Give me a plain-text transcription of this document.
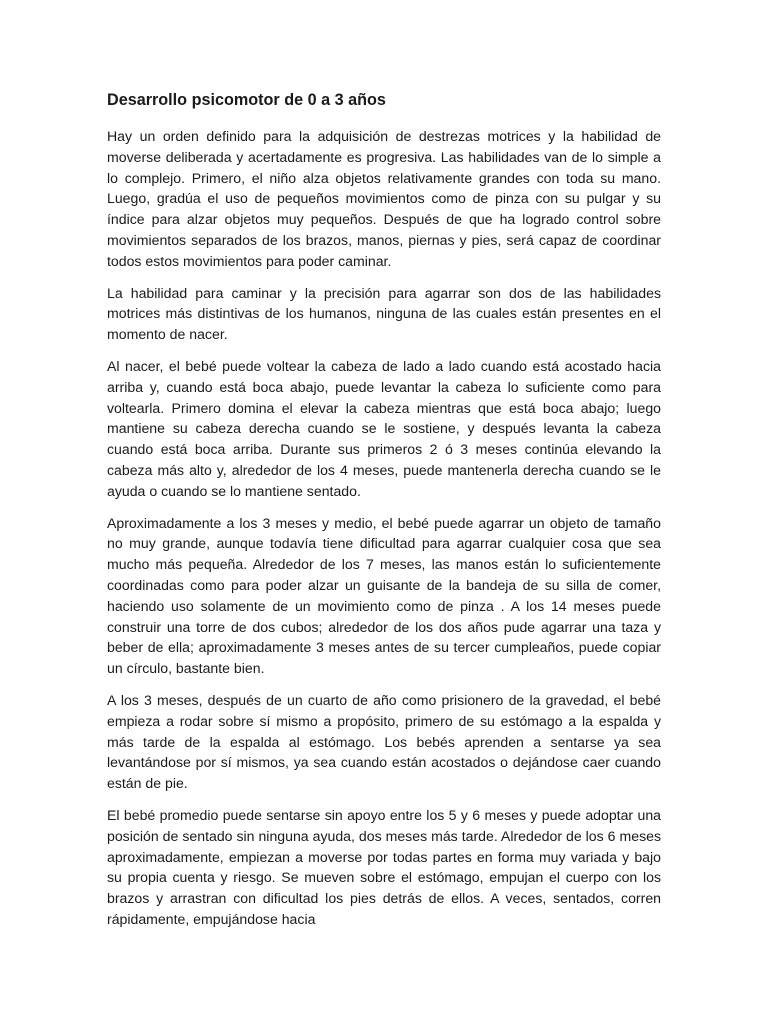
Desarrollo psicomotor de 0 a 3 años

Hay un orden definido para la adquisición de destrezas motrices y la habilidad de moverse deliberada y acertadamente es progresiva. Las habilidades van de lo simple a lo complejo. Primero, el niño alza objetos relativamente grandes con toda su mano. Luego, gradúa el uso de pequeños movimientos como de pinza con su pulgar y su índice para alzar objetos muy pequeños. Después de que ha logrado control sobre movimientos separados de los brazos, manos, piernas y pies, será capaz de coordinar todos estos movimientos para poder caminar.

La habilidad para caminar y la precisión para agarrar son dos de las habilidades motrices más distintivas de los humanos, ninguna de las cuales están presentes en el momento de nacer.

Al nacer, el bebé puede voltear la cabeza de lado a lado cuando está acostado hacia arriba y, cuando está boca abajo, puede levantar la cabeza lo suficiente como para voltearla. Primero domina el elevar la cabeza mientras que está boca abajo; luego mantiene su cabeza derecha cuando se le sostiene, y después levanta la cabeza cuando está boca arriba. Durante sus primeros 2 ó 3 meses continúa elevando la cabeza más alto y, alrededor de los 4 meses, puede mantenerla derecha cuando se le ayuda o cuando se lo mantiene sentado.

Aproximadamente a los 3 meses y medio, el bebé puede agarrar un objeto de tamaño no muy grande, aunque todavía tiene dificultad para agarrar cualquier cosa que sea mucho más pequeña. Alrededor de los 7 meses, las manos están lo suficientemente coordinadas como para poder alzar un guisante de la bandeja de su silla de comer, haciendo uso solamente de un movimiento como de pinza . A los 14 meses puede construir una torre de dos cubos; alrededor de los dos años pude agarrar una taza y beber de ella; aproximadamente 3 meses antes de su tercer cumpleaños, puede copiar un círculo, bastante bien.

A los 3 meses, después de un cuarto de año como prisionero de la gravedad, el bebé empieza a rodar sobre sí mismo a propósito, primero de su estómago a la espalda y más tarde de la espalda al estómago. Los bebés aprenden a sentarse ya sea levantándose por sí mismos, ya sea cuando están acostados o dejándose caer cuando están de pie.

El bebé promedio puede sentarse sin apoyo entre los 5 y 6 meses y puede adoptar una posición de sentado sin ninguna ayuda, dos meses más tarde. Alrededor de los 6 meses aproximadamente, empiezan a moverse por todas partes en forma muy variada y bajo su propia cuenta y riesgo. Se mueven sobre el estómago, empujan el cuerpo con los brazos y arrastran con dificultad los pies detrás de ellos. A veces, sentados, corren rápidamente, empujándose hacia
